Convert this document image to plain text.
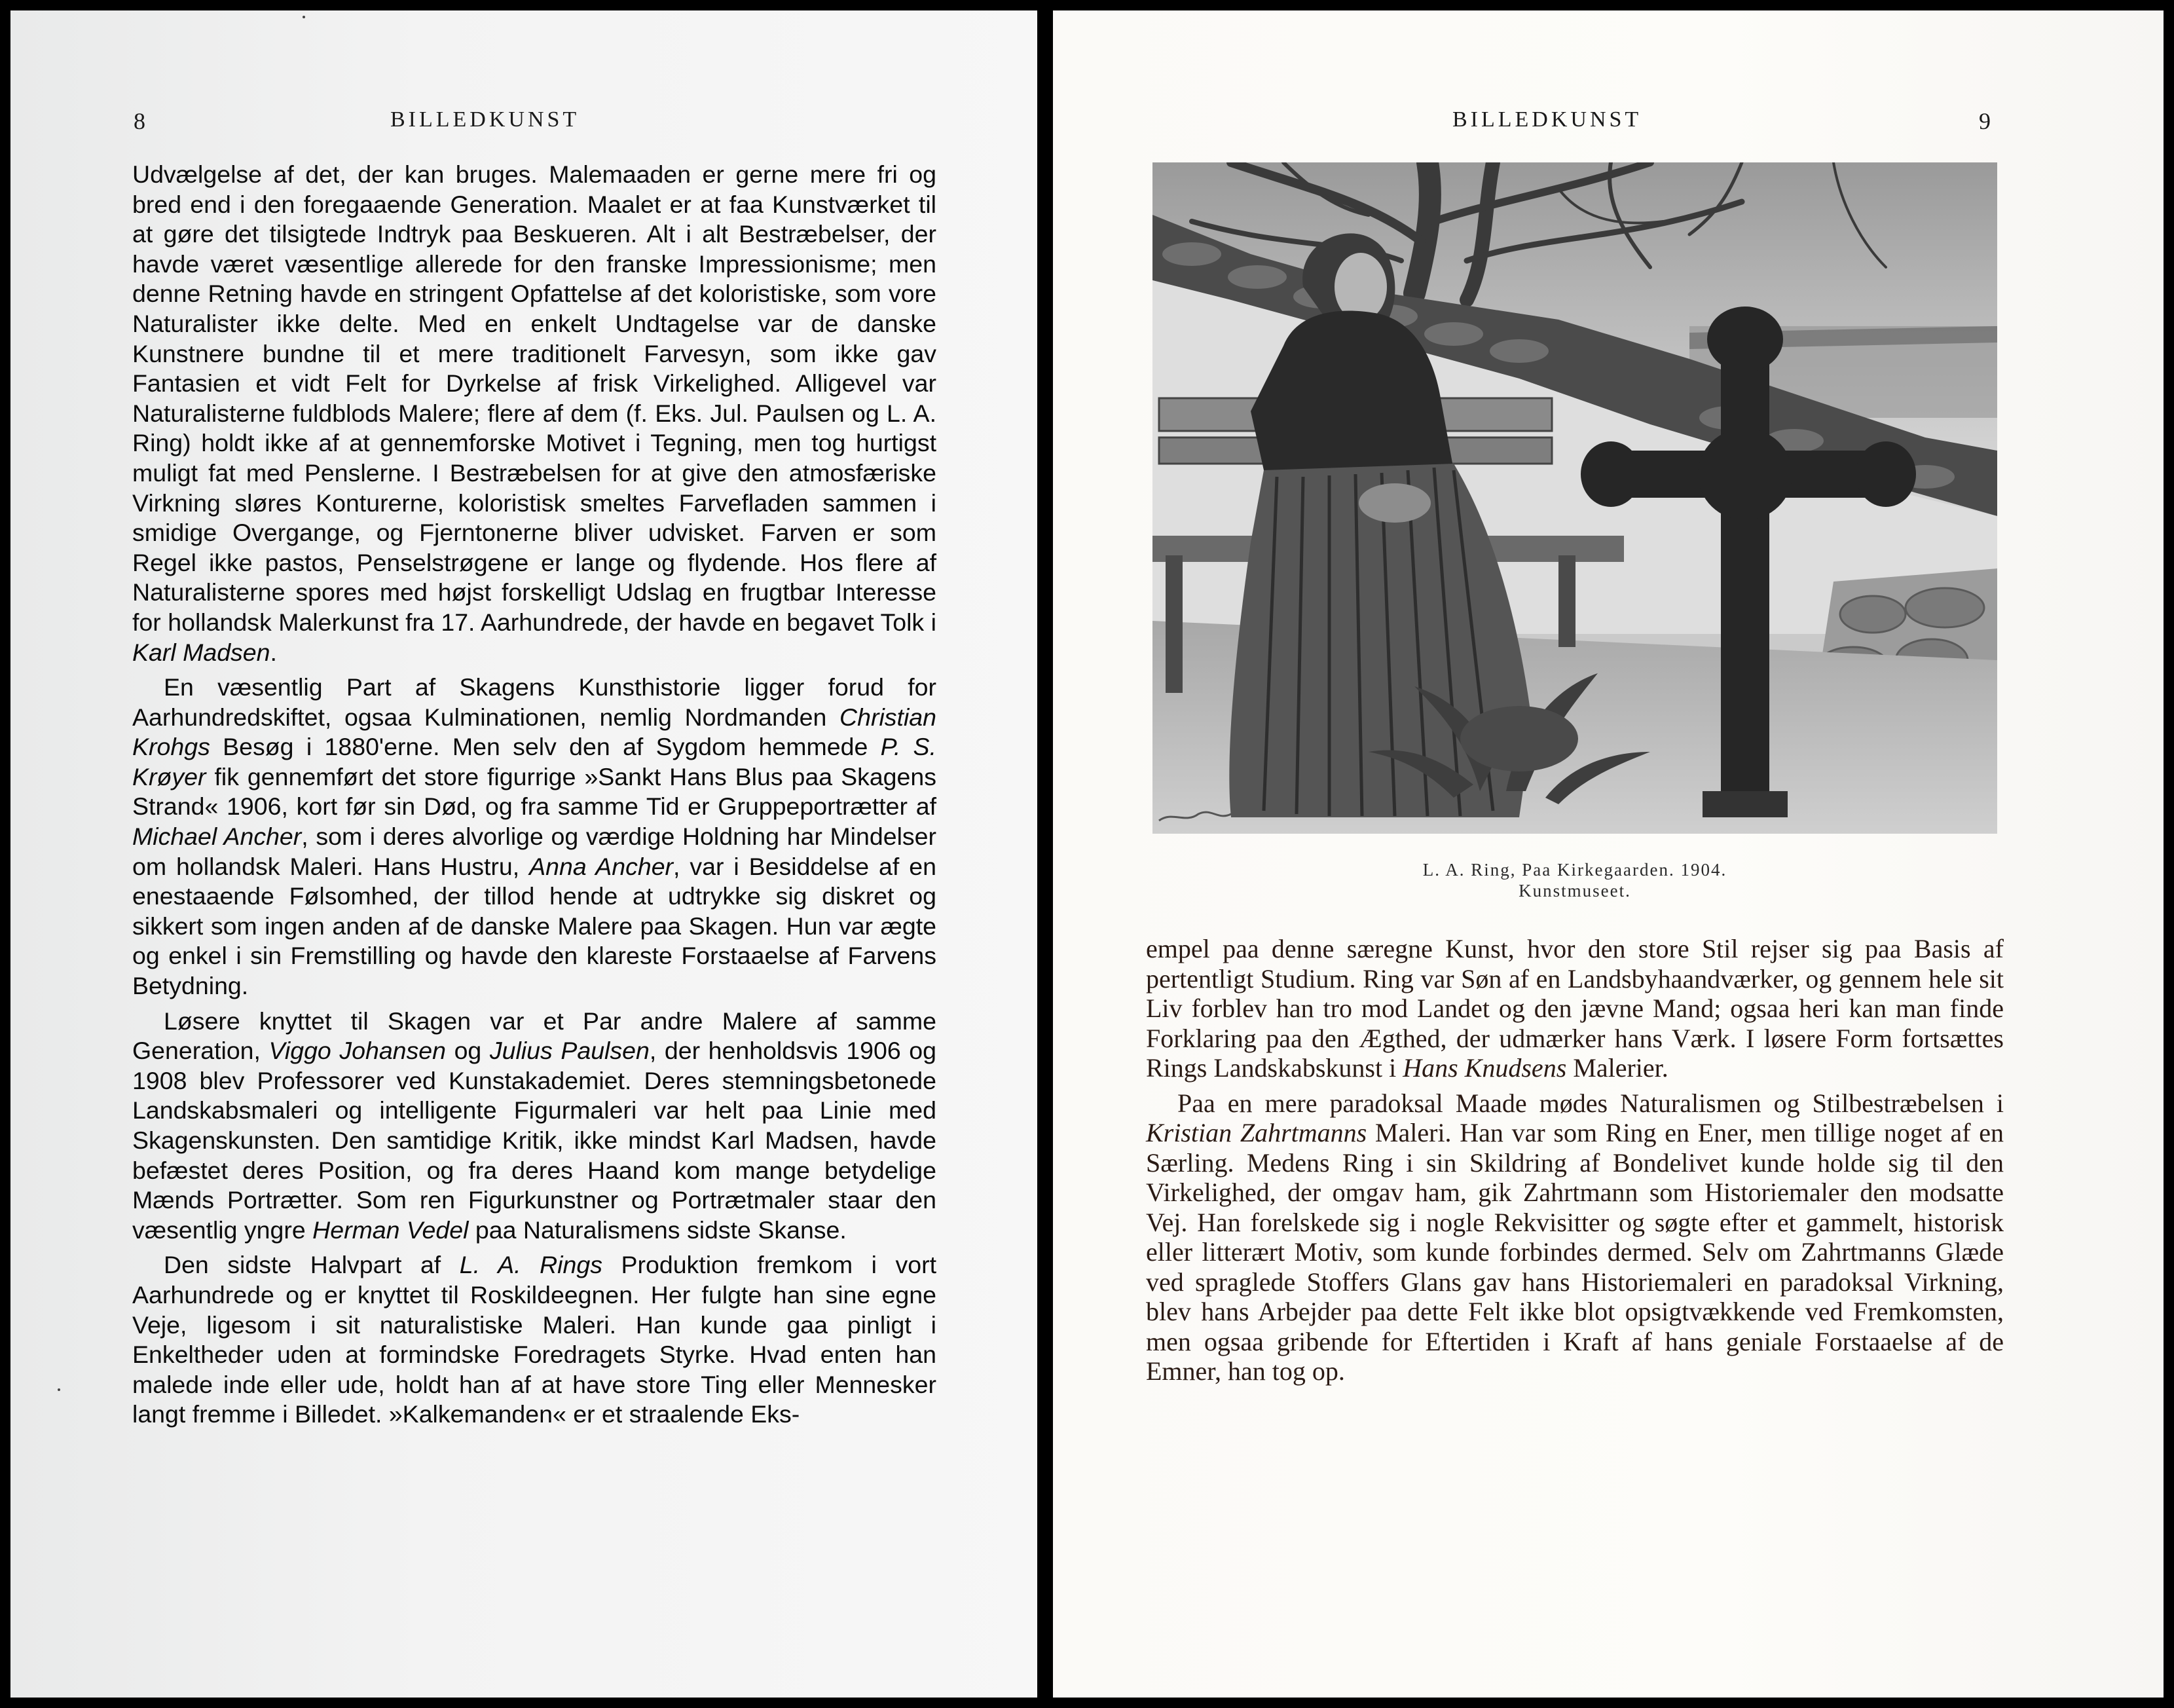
8	BILLEDKUNST

Udvælgelse af det, der kan bruges. Malemaaden er gerne mere fri og bred end i den foregaaende Generation. Maalet er at faa Kunstværket til at gøre det tilsigtede Indtryk paa Beskueren. Alt i alt Bestræbelser, der havde været væsentlige allerede for den franske Impressionisme; men denne Retning havde en stringent Opfattelse af det koloristiske, som vore Naturalister ikke delte. Med en enkelt Undtagelse var de danske Kunstnere bundne til et mere traditionelt Farvesyn, som ikke gav Fantasien et vidt Felt for Dyrkelse af frisk Virkelighed. Alligevel var Naturalisterne fuldblods Malere; flere af dem (f. Eks. Jul. Paulsen og L. A. Ring) holdt ikke af at gennemforske Motivet i Tegning, men tog hurtigst muligt fat med Penslerne. I Bestræbelsen for at give den atmosfæriske Virkning sløres Konturerne, koloristisk smeltes Farvefladen sammen i smidige Overgange, og Fjerntonerne bliver udvisket. Farven er som Regel ikke pastos, Penselstrøgene er lange og flydende. Hos flere af Naturalisterne spores med højst forskelligt Udslag en frugtbar Interesse for hollandsk Malerkunst fra 17. Aarhundrede, der havde en begavet Tolk i Karl Madsen.

En væsentlig Part af Skagens Kunsthistorie ligger forud for Aarhundredskiftet, ogsaa Kulminationen, nemlig Nordmanden Christian Krohgs Besøg i 1880'erne. Men selv den af Sygdom hemmede P. S. Krøyer fik gennemført det store figurrige »Sankt Hans Blus paa Skagens Strand« 1906, kort før sin Død, og fra samme Tid er Gruppeportrætter af Michael Ancher, som i deres alvorlige og værdige Holdning har Mindelser om hollandsk Maleri. Hans Hustru, Anna Ancher, var i Besiddelse af en enestaaende Følsomhed, der tillod hende at udtrykke sig diskret og sikkert som ingen anden af de danske Malere paa Skagen. Hun var ægte og enkel i sin Fremstilling og havde den klareste Forstaaelse af Farvens Betydning.

Løsere knyttet til Skagen var et Par andre Malere af samme Generation, Viggo Johansen og Julius Paulsen, der henholdsvis 1906 og 1908 blev Professorer ved Kunstakademiet. Deres stemningsbetonede Landskabsmaleri og intelligente Figurmaleri var helt paa Linie med Skagenskunsten. Den samtidige Kritik, ikke mindst Karl Madsen, havde befæstet deres Position, og fra deres Haand kom mange betydelige Mænds Portrætter. Som ren Figurkunstner og Portrætmaler staar den væsentlig yngre Herman Vedel paa Naturalismens sidste Skanse.

Den sidste Halvpart af L. A. Rings Produktion fremkom i vort Aarhundrede og er knyttet til Roskildeegnen. Her fulgte han sine egne Veje, ligesom i sit naturalistiske Maleri. Han kunde gaa pinligt i Enkeltheder uden at formindske Foredragets Styrke. Hvad enten han malede inde eller ude, holdt han af at have store Ting eller Mennesker langt fremme i Billedet. »Kalkemanden« er et straalende Eks-

BILLEDKUNST	9
L. A. Ring, Paa Kirkegaarden. 1904.
Kunstmuseet.

empel paa denne særegne Kunst, hvor den store Stil rejser sig paa Basis af pertentligt Studium. Ring var Søn af en Landsbyhaandværker, og gennem hele sit Liv forblev han tro mod Landet og den jævne Mand; ogsaa heri kan man finde Forklaring paa den Ægthed, der udmærker hans Værk. I løsere Form fortsættes Rings Landskabskunst i Hans Knudsens Malerier.

Paa en mere paradoksal Maade mødes Naturalismen og Stilbestræbelsen i Kristian Zahrtmanns Maleri. Han var som Ring en Ener, men tillige noget af en Særling. Medens Ring i sin Skildring af Bondelivet kunde holde sig til den Virkelighed, der omgav ham, gik Zahrtmann som Historiemaler den modsatte Vej. Han forelskede sig i nogle Rekvisitter og søgte efter et gammelt, historisk eller litterært Motiv, som kunde forbindes dermed. Selv om Zahrtmanns Glæde ved spraglede Stoffers Glans gav hans Historiemaleri en paradoksal Virkning, blev hans Arbejder paa dette Felt ikke blot opsigtvækkende ved Fremkomsten, men ogsaa gribende for Eftertiden i Kraft af hans geniale Forstaaelse af de Emner, han tog op.
